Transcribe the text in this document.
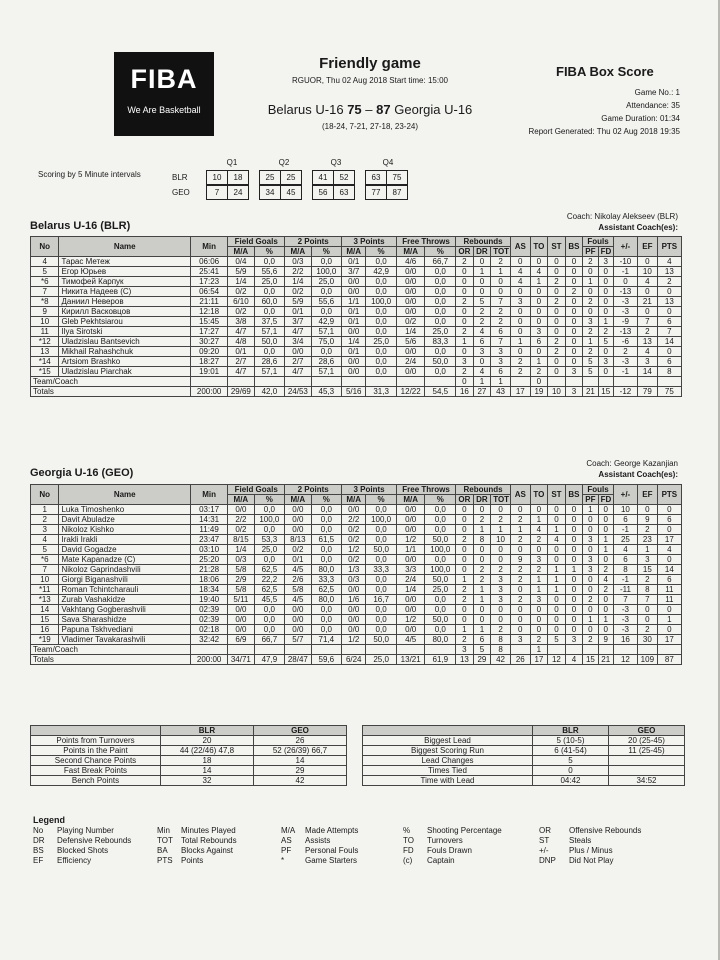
FIBA
We Are Basketball
Friendly game
RGUOR, Thu 02 Aug 2018 Start time: 15:00
Belarus U-16 75 – 87 Georgia U-16
(18-24, 7-21, 27-18, 23-24)
FIBA Box Score
Game No.: 1
Attendance: 35
Game Duration: 01:34
Report Generated: Thu 02 Aug 2018 19:35
Scoring by 5 Minute intervals
Q1	Q2	Q3	Q4
BLR	10	18	25	25	41	52	63	75
GEO	7	24	34	45	56	63	77	87
Belarus U-16 (BLR)
Coach: Nikolay Alekseev (BLR)
Assistant Coach(es):
No	Name	Min	Field Goals		2 Points		3 Points		Free Throws		Rebounds			AS	TO	ST	BS	Fouls		+/-	EF	PTS
			M/A	%	M/A	%	M/A	%	M/A	%	OR	DR	TOT					PF	FD			
4	Тарас Метеж	06:06	0/4	0,0	0/3	0,0	0/1	0,0	4/6	66,7	2	0	2	0	0	0	0	2	3	-10	0	4
5	Егор Юрьев	25:41	5/9	55,6	2/2	100,0	3/7	42,9	0/0	0,0	0	1	1	4	4	0	0	0	0	-1	10	13
*6	Тимофей Карпук	17:23	1/4	25,0	1/4	25,0	0/0	0,0	0/0	0,0	0	0	0	4	1	2	0	1	0	0	4	2
7	Никита Надеев (C)	06:54	0/2	0,0	0/2	0,0	0/0	0,0	0/0	0,0	0	0	0	0	0	0	2	0	0	-13	0	0
*8	Даниил Неверов	21:11	6/10	60,0	5/9	55,6	1/1	100,0	0/0	0,0	2	5	7	3	0	2	0	2	0	-3	21	13
9	Кирилл Васковцов	12:18	0/2	0,0	0/1	0,0	0/1	0,0	0/0	0,0	0	2	2	0	0	0	0	0	0	-3	0	0
10	Gleb Pekhtsiarou	15:45	3/8	37,5	3/7	42,9	0/1	0,0	0/2	0,0	0	2	2	0	0	0	0	3	1	-9	7	6
11	Ilya Sirotski	17:27	4/7	57,1	4/7	57,1	0/0	0,0	1/4	25,0	2	4	6	0	3	0	0	2	2	-13	2	7
*12	Uladzislau Bantsevich	30:27	4/8	50,0	3/4	75,0	1/4	25,0	5/6	83,3	1	6	7	1	6	2	0	1	5	-6	13	14
13	Mikhail Rahashchuk	09:20	0/1	0,0	0/0	0,0	0/1	0,0	0/0	0,0	0	3	3	0	0	2	0	2	0	2	4	0
*14	Artsiom Brashko	18:27	2/7	28,6	2/7	28,6	0/0	0,0	2/4	50,0	3	0	3	2	1	0	0	5	3	-3	3	6
*15	Uladzislau Piarchak	19:01	4/7	57,1	4/7	57,1	0/0	0,0	0/0	0,0	2	4	6	2	2	0	3	5	0	-1	14	8
Team/Coach											0	1	1		0							
Totals		200:00	29/69	42,0	24/53	45,3	5/16	31,3	12/22	54,5	16	27	43	17	19	10	3	21	15	-12	79	75
Georgia U-16 (GEO)
Coach: George Kazanjian
Assistant Coach(es):
No	Name	Min	Field Goals		2 Points		3 Points		Free Throws		Rebounds			AS	TO	ST	BS	Fouls		+/-	EF	PTS
			M/A	%	M/A	%	M/A	%	M/A	%	OR	DR	TOT					PF	FD			
1	Luka Timoshenko	03:17	0/0	0,0	0/0	0,0	0/0	0,0	0/0	0,0	0	0	0	0	0	0	0	1	0	10	0	0
2	Davit Abuladze	14:31	2/2	100,0	0/0	0,0	2/2	100,0	0/0	0,0	0	2	2	2	1	0	0	0	0	6	9	6
3	Nikoloz Kishko	11:49	0/2	0,0	0/0	0,0	0/2	0,0	0/0	0,0	0	1	1	1	4	1	0	0	0	-1	2	0
4	Irakli Irakli	23:47	8/15	53,3	8/13	61,5	0/2	0,0	1/2	50,0	2	8	10	2	2	4	0	3	1	25	23	17
5	David Gogadze	03:10	1/4	25,0	0/2	0,0	1/2	50,0	1/1	100,0	0	0	0	0	0	0	0	0	1	4	1	4
*6	Mate Kapanadze (C)	25:20	0/3	0,0	0/1	0,0	0/2	0,0	0/0	0,0	0	0	0	9	3	0	0	3	0	6	3	0
7	Nikoloz Gaprindashvili	21:28	5/8	62,5	4/5	80,0	1/3	33,3	3/3	100,0	0	2	2	2	2	1	1	3	2	8	15	14
10	Giorgi Biganashvili	18:06	2/9	22,2	2/6	33,3	0/3	0,0	2/4	50,0	1	2	3	2	1	1	0	0	4	-1	2	6
*11	Roman Tchintcharauli	18:34	5/8	62,5	5/8	62,5	0/0	0,0	1/4	25,0	2	1	3	0	1	1	0	0	2	-11	8	11
*13	Zurab Vashakidze	19:40	5/11	45,5	4/5	80,0	1/6	16,7	0/0	0,0	2	1	3	2	3	0	0	2	0	7	7	11
14	Vakhtang Gogberashvili	02:39	0/0	0,0	0/0	0,0	0/0	0,0	0/0	0,0	0	0	0	0	0	0	0	0	0	-3	0	0
15	Sava Sharashidze	02:39	0/0	0,0	0/0	0,0	0/0	0,0	1/2	50,0	0	0	0	0	0	0	0	1	1	-3	0	1
16	Papuna Tskhvediani	02:18	0/0	0,0	0/0	0,0	0/0	0,0	0/0	0,0	1	1	2	0	0	0	0	0	0	-3	2	0
*19	Vladimer Tavakarashvili	32:42	6/9	66,7	5/7	71,4	1/2	50,0	4/5	80,0	2	6	8	3	2	5	3	2	9	16	30	17
Team/Coach											3	5	8		1							
Totals		200:00	34/71	47,9	28/47	59,6	6/24	25,0	13/21	61,9	13	29	42	26	17	12	4	15	21	12	109	87
	BLR	GEO
Points from Turnovers	20	26
Points in the Paint	44 (22/46) 47,8	52 (26/39) 66,7
Second Chance Points	18	14
Fast Break Points	14	29
Bench Points	32	42
	BLR	GEO
Biggest Lead	5 (10-5)	20 (25-45)
Biggest Scoring Run	6 (41-54)	11 (25-45)
Lead Changes	5	
Times Tied	0	
Time with Lead	04:42	34:52
Legend
No	Playing Number	Min	Minutes Played	M/A	Made Attempts	%	Shooting Percentage	OR	Offensive Rebounds
DR	Defensive Rebounds	TOT	Total Rebounds	AS	Assists	TO	Turnovers	ST	Steals
BS	Blocked Shots	BA	Blocks Against	PF	Personal Fouls	FD	Fouls Drawn	+/-	Plus / Minus
EF	Efficiency	PTS	Points	*	Game Starters	(c)	Captain	DNP	Did Not Play
